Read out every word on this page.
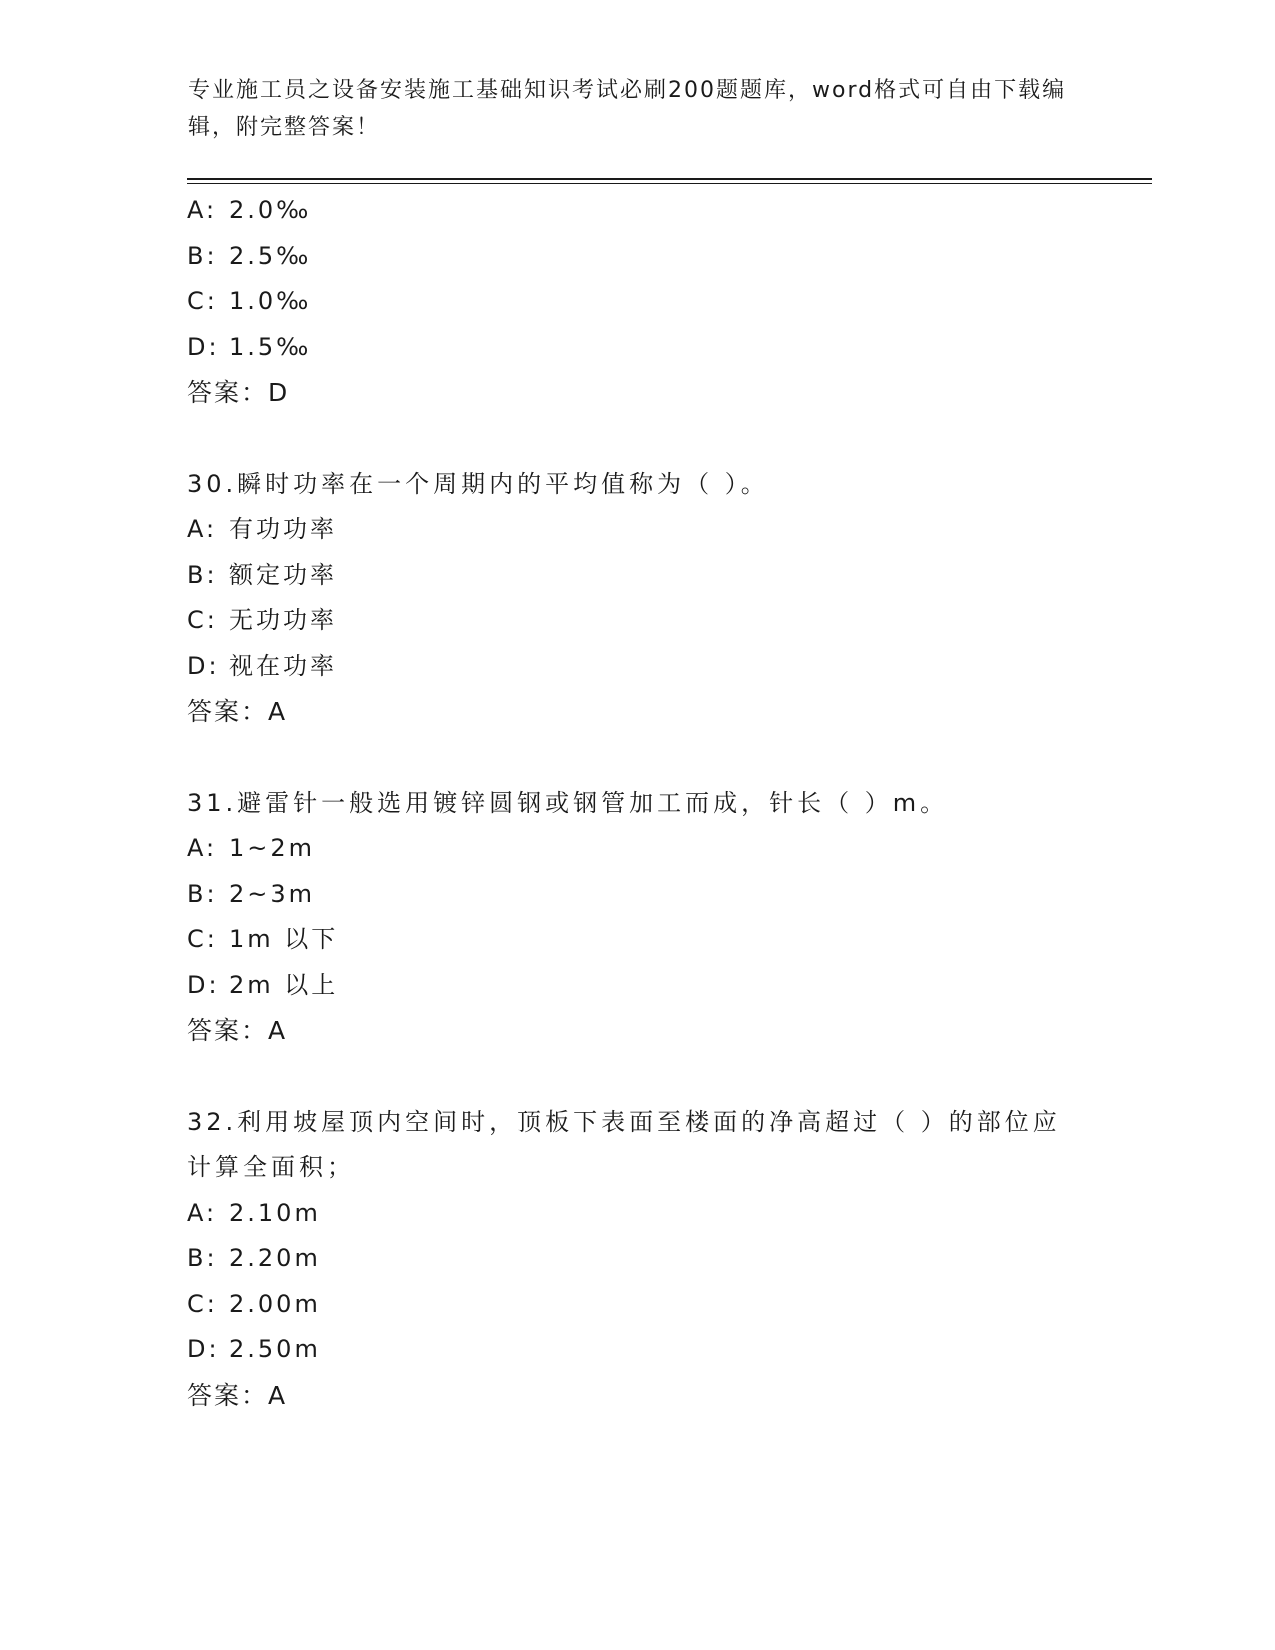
专业施工员之设备安装施工基础知识考试必刷200题题库，word格式可自由下载编辑，附完整答案！
A: 2.0‰
B: 2.5‰
C: 1.0‰
D: 1.5‰
答案：D
30.瞬时功率在一个周期内的平均值称为（ ）。
A: 有功功率
B: 额定功率
C: 无功功率
D: 视在功率
答案：A
31.避雷针一般选用镀锌圆钢或钢管加工而成，针长（ ）m。
A: 1~2m
B: 2~3m
C: 1m 以下
D: 2m 以上
答案：A
32.利用坡屋顶内空间时，顶板下表面至楼面的净高超过（ ）的部位应计算全面积；
A: 2.10m
B: 2.20m
C: 2.00m
D: 2.50m
答案：A
